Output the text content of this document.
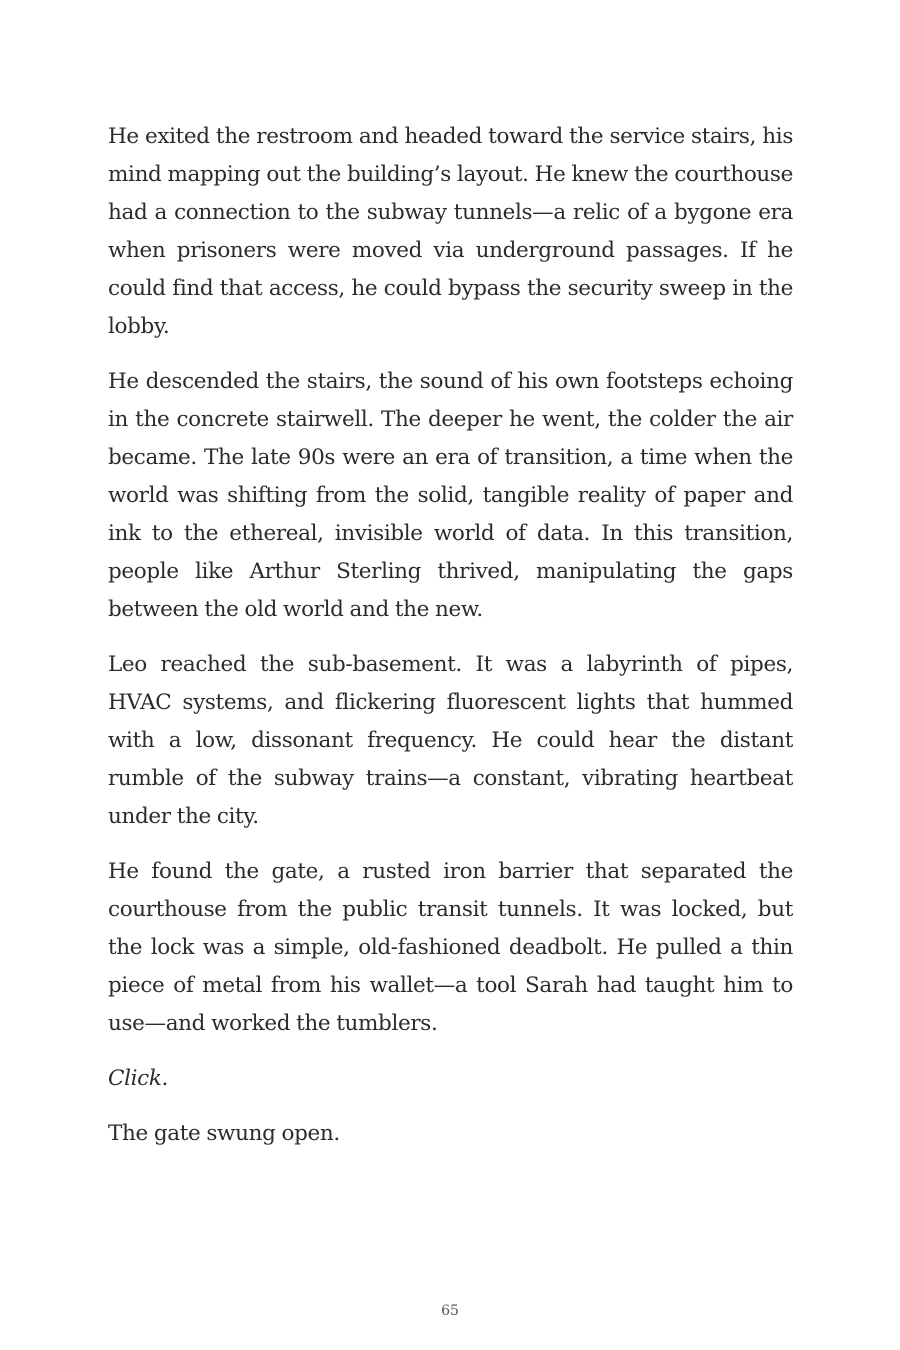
He exited the restroom and headed toward the service stairs, his mind mapping out the building’s layout. He knew the courthouse had a connection to the subway tunnels—a relic of a bygone era when prisoners were moved via underground passages. If he could find that access, he could bypass the security sweep in the lobby.

He descended the stairs, the sound of his own footsteps echoing in the concrete stairwell. The deeper he went, the colder the air became. The late 90s were an era of transition, a time when the world was shifting from the solid, tangible reality of paper and ink to the ethereal, invisible world of data. In this transition, people like Arthur Sterling thrived, manipulating the gaps between the old world and the new.

Leo reached the sub-basement. It was a labyrinth of pipes, HVAC systems, and flickering fluorescent lights that hummed with a low, dissonant frequency. He could hear the distant rumble of the subway trains—a constant, vibrating heartbeat under the city.

He found the gate, a rusted iron barrier that separated the courthouse from the public transit tunnels. It was locked, but the lock was a simple, old-fashioned deadbolt. He pulled a thin piece of metal from his wallet—a tool Sarah had taught him to use—and worked the tumblers.

Click.

The gate swung open.

65
